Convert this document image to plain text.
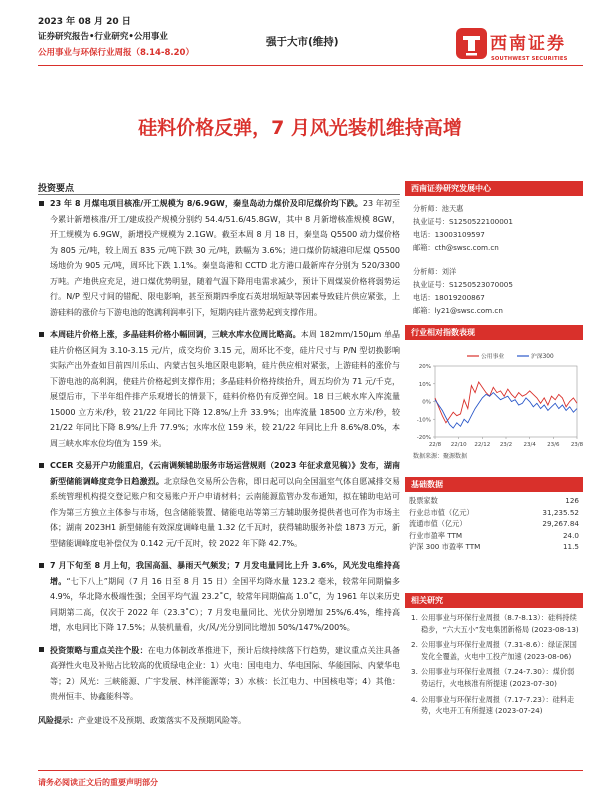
2023 年 08 月 20 日
证券研究报告•行业研究•公用事业
公用事业与环保行业周报（8.14-8.20）
强于大市(维持)	西南证券
SOUTHWEST SECURITIES
硅料价格反弹，7 月风光装机维持高增
投资要点
23 年 8 月煤电项目核准/开工规模为 8/6.9GW，秦皇岛动力煤价及印尼煤价均下跌。23 年初至今累计新增核准/开工/建成投产规模分别约 54.4/51.6/45.8GW，其中 8 月新增核准规模 8GW，开工规模为 6.9GW，新增投产规模为 2.1GW。截至本周 8 月 18 日，秦皇岛 Q5500 动力煤价格为 805 元/吨，较上周五 835 元/吨下跌 30 元/吨，跌幅为 3.6%；进口煤价防城港印尼煤 Q5500 场地价为 905 元/吨，周环比下跌 1.1%。秦皇岛港和 CCTD 北方港口最新库存分别为 520/3300 万吨。产地供应充足，进口煤优势明显，随着气温下降用电需求减少，预计下周煤炭价格将弱势运行。N/P 型尺寸间的错配、限电影响，甚至预期四季度石英坩埚短缺等因素导致硅片供应紧张，上游硅料的涨价与下游电池的饱满利润率引下，短期内硅片涨势起到支撑作用。
本周硅片价格上涨，多晶硅料价格小幅回调，三峡水库水位周比略高。本周 182mm/150μm 单晶硅片价格区间为 3.10-3.15 元/片，成交均价 3.15 元，周环比不变，硅片尺寸与 P/N 型切换影响实际产出外查如目前四川乐山、内蒙古包头地区限电影响，硅片供应相对紧张，上游硅料的涨价与下游电池的高利润，使硅片价格起到支撑作用；多晶硅料价格持续抬升，周五均价为 71 元/千克，展望后市，下半年组件排产乐观增长的情景下，硅料价格仍有反弹空间。18 日三峡水库入库流量 15000 立方米/秒，较 21/22 年同比下降 12.8%/上升 33.9%；出库流量 18500 立方米/秒，较 21/22 年同比下降 8.9%/上升 77.9%；水库水位 159 米，较 21/22 年同比上升 8.6%/8.0%，本周三峡水库水位均值为 159 米。
CCER 交易开户功能重启，《云南调频辅助服务市场运营规则（2023 年征求意见稿）》发布，湖南新型储能调峰度竞争日趋激烈。北京绿色交易所公告称，即日起可以向全国温室气体自愿减排交易系统管理机构提交登记账户和交易账户开户申请材料；云南能源监管办发布通知，拟在辅助电站可作为第三方独立主体参与市场，包含储能装置、储能电站等第三方辅助服务提供者也可作为市场主体；湖南 2023H1 新型储能有效深度调峰电量 1.32 亿千瓦时，获得辅助服务补偿 1873 万元，新型储能调峰度电补偿仅为 0.142 元/千瓦时，较 2022 年下降 42.7%。
7 月下旬至 8 月上旬，我国高温、暴雨天气频发；7 月发电量同比上升 3.6%，风光发电维持高增。“七下八上”期间（7 月 16 日至 8 月 15 日）全国平均降水量 123.2 毫米，较常年同期偏多 4.9%，华北降水极端性强；全国平均气温 23.2˚C，较常年同期偏高 1.0˚C，为 1961 年以来历史同期第二高，仅次于 2022 年（23.3˚C）；7 月发电量同比、光伏分别增加 25%/6.4%，维持高增，水电同比下降 17.5%；从装机量看，火/风/光分别同比增加 50%/147%/200%。
投资策略与重点关注个股：在电力体制改革推进下，预计后续持续落下行趋势，建议重点关注具备高弹性火电及补贴占比较高的优质绿电企业：1）火电：国电电力、华电国际、华能国际、内蒙华电等；2）风光：三峡能源、广宇发展、林洋能源等；3）水核：长江电力、中国核电等；4）其他：贵州恒丰、协鑫能科等。
风险提示：产业建设不及预期、政策落实不及预期风险等。
西南证券研究发展中心
分析师：池天惠
执业证号：S1250522100001
电话：13003109597
邮箱：cth@swsc.com.cn
分析师：刘洋
执业证号：S1250523070005
电话：18019200867
邮箱：ly21@swsc.com.cn
行业相对指数表现
20%
10%
0%
-10%
-20%
22/8 22/10 22/12 23/2 23/4 23/6 23/8
公用事业	沪深300
数据来源：聚源数据
基础数据
股票家数	126
行业总市值（亿元）	31,235.52
流通市值（亿元）	29,267.84
行业市盈率 TTM	24.0
沪深 300 市盈率 TTM	11.5
相关研究
1. 公用事业与环保行业周报（8.7-8.13）：硅料持续稳步，“六大五小”发电集团新格局 (2023-08-13)
2. 公用事业与环保行业周报（7.31-8.6）：绿证深国发化全覆盖，火电中工投产加速 (2023-08-06)
3. 公用事业与环保行业周报（7.24-7.30）：煤价弱势运行，火电核准有所提速 (2023-07-30)
4. 公用事业与环保行业周报（7.17-7.23）：硅料走势，火电开工有所提速 (2023-07-24)
请务必阅读正文后的重要声明部分
